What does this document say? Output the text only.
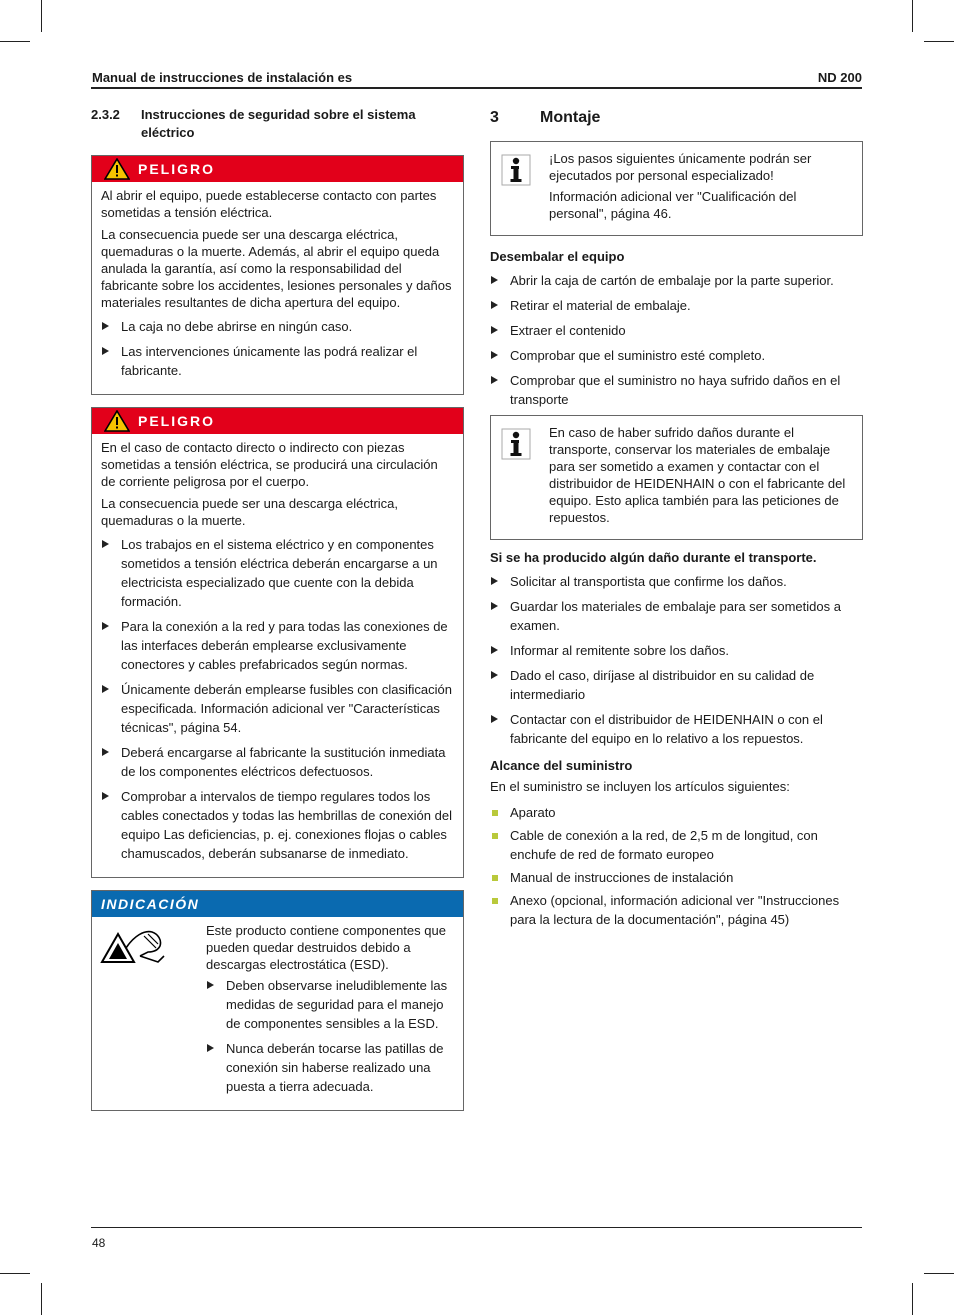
Manual de instrucciones de instalación es	ND 200
2.3.2	Instrucciones de seguridad sobre el sistema eléctrico
PELIGRO

Al abrir el equipo, puede establecerse contacto con partes sometidas a tensión eléctrica.

La consecuencia puede ser una descarga eléctrica, quemaduras o la muerte. Además, al abrir el equipo queda anulada la garantía, así como la responsabilidad del fabricante sobre los accidentes, lesiones personales y daños materiales resultantes de dicha apertura del equipo.

La caja no debe abrirse en ningún caso.
Las intervenciones únicamente las podrá realizar el fabricante.
PELIGRO

En el caso de contacto directo o indirecto con piezas sometidas a tensión eléctrica, se producirá una circulación de corriente peligrosa por el cuerpo.

La consecuencia puede ser una descarga eléctrica, quemaduras o la muerte.

Los trabajos en el sistema eléctrico y en componentes sometidos a tensión eléctrica deberán encargarse a un electricista especializado que cuente con la debida formación.
Para la conexión a la red y para todas las conexiones de las interfaces deberán emplearse exclusivamente conectores y cables prefabricados según normas.
Únicamente deberán emplearse fusibles con clasificación especificada. Información adicional ver "Características técnicas", página 54.
Deberá encargarse al fabricante la sustitución inmediata de los componentes eléctricos defectuosos.
Comprobar a intervalos de tiempo regulares todos los cables conectados y todas las hembrillas de conexión del equipo Las deficiencias, p. ej. conexiones flojas o cables chamuscados, deberán subsanarse de inmediato.
INDICACIÓN

Este producto contiene componentes que pueden quedar destruidos debido a descargas electrostática (ESD).

Deben observarse ineludiblemente las medidas de seguridad para el manejo de componentes sensibles a la ESD.
Nunca deberán tocarse las patillas de conexión sin haberse realizado una puesta a tierra adecuada.
3	Montaje

¡Los pasos siguientes únicamente podrán ser ejecutados por personal especializado!

Información adicional ver "Cualificación del personal", página 46.

Desembalar el equipo
Abrir la caja de cartón de embalaje por la parte superior.
Retirar el material de embalaje.
Extraer el contenido
Comprobar que el suministro esté completo.
Comprobar que el suministro no haya sufrido daños en el transporte

En caso de haber sufrido daños durante el transporte, conservar los materiales de embalaje para ser sometido a examen y contactar con el distribuidor de HEIDENHAIN o con el fabricante del equipo. Esto aplica también para las peticiones de repuestos.

Si se ha producido algún daño durante el transporte.
Solicitar al transportista que confirme los daños.
Guardar los materiales de embalaje para ser sometidos a examen.
Informar al remitente sobre los daños.
Dado el caso, diríjase al distribuidor en su calidad de intermediario
Contactar con el distribuidor de HEIDENHAIN o con el fabricante del equipo en lo relativo a los repuestos.
Alcance del suministro

En el suministro se incluyen los artículos siguientes:

Aparato
Cable de conexión a la red, de 2,5 m de longitud, con enchufe de red de formato europeo
Manual de instrucciones de instalación
Anexo (opcional, información adicional ver "Instrucciones para la lectura de la documentación", página 45)
48
